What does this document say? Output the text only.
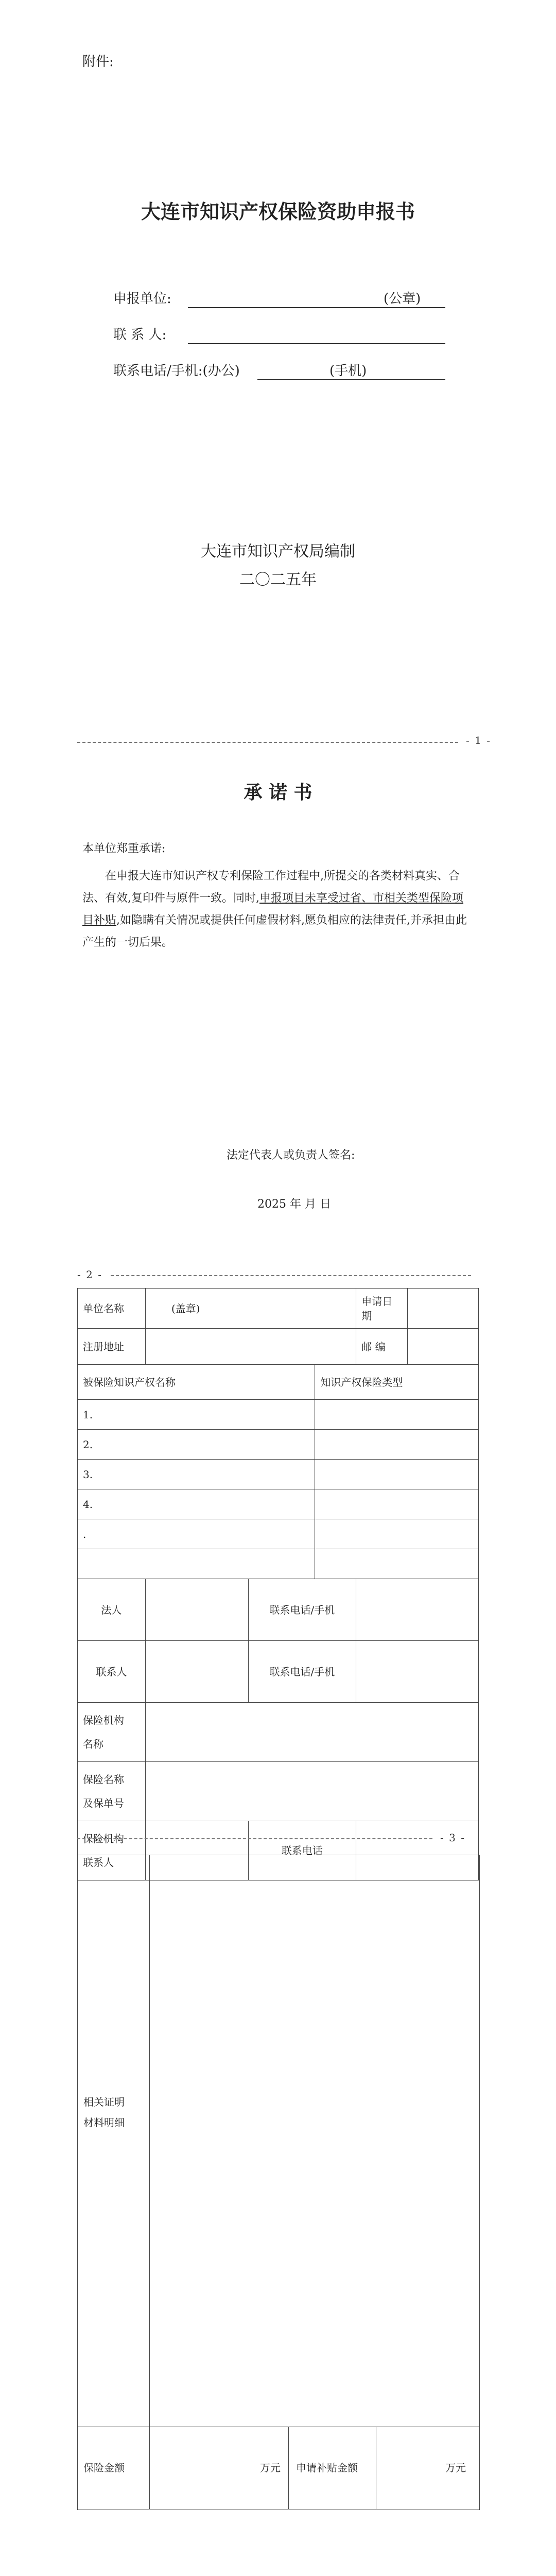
附件:
大连市知识产权保险资助申报书
申报单位:	(公章)
联 系 人:
联系电话/手机:(办公)	(手机)
大连市知识产权局编制
二〇二五年
- 1 -
承 诺 书
本单位郑重承诺:
在申报大连市知识产权专利保险工作过程中,所提交的各类材料真实、合法、有效,复印件与原件一致。同时,申报项目未享受过省、市相关类型保险项目补贴,如隐瞒有关情况或提供任何虚假材料,愿负相应的法律责任,并承担由此产生的一切后果。
法定代表人或负责人签名:
2025 年 月 日
- 2 -
单位名称	(盖章)			申请日期	
注册地址				邮 编	
被保险知识产权名称			知识产权保险类型		
1.					
2.					
3.					
4.					
.					

法人		联系电话/手机			
联系人		联系电话/手机			

保险机构
名称					

保险名称
及保单号					

保险机构
联系人		联系电话			
- 3 -
相关证明
材料明细
保险金额	万元 申请补贴金额	万元
